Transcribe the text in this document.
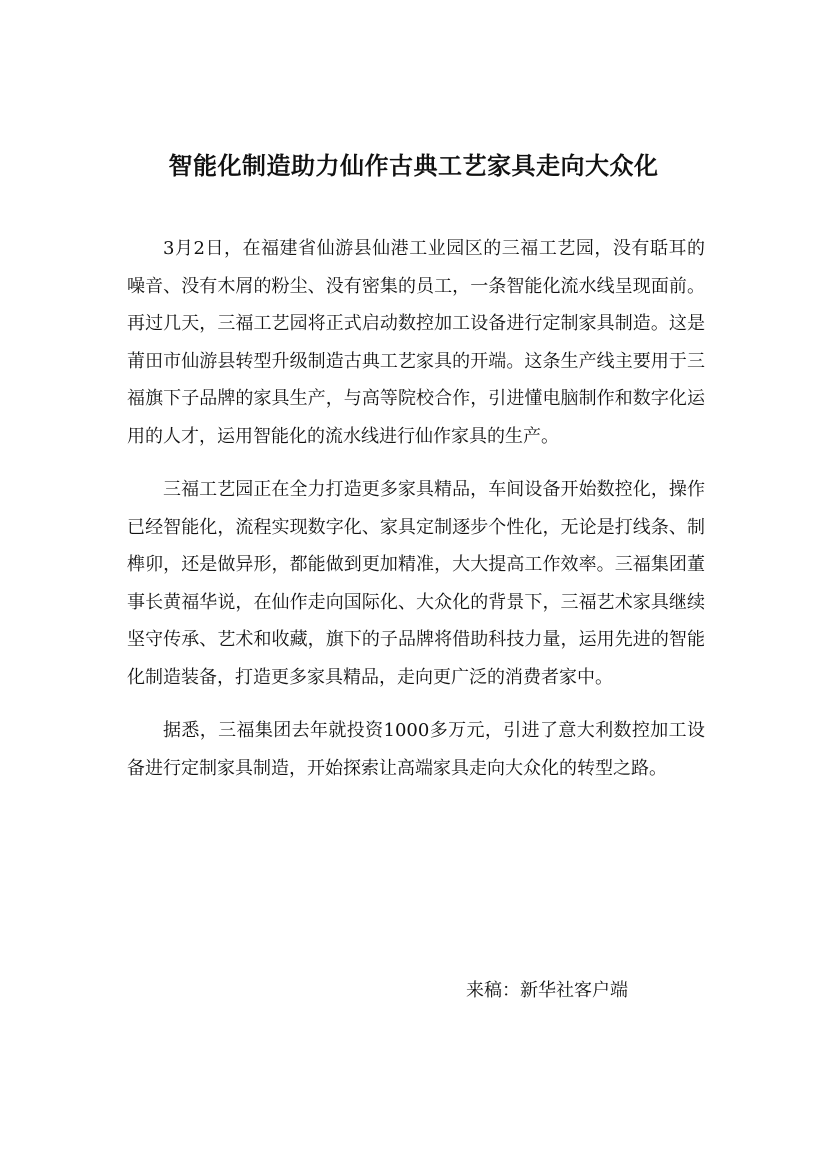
智能化制造助力仙作古典工艺家具走向大众化

3月2日，在福建省仙游县仙港工业园区的三福工艺园，没有聒耳的噪音、没有木屑的粉尘、没有密集的员工，一条智能化流水线呈现面前。再过几天，三福工艺园将正式启动数控加工设备进行定制家具制造。这是莆田市仙游县转型升级制造古典工艺家具的开端。这条生产线主要用于三福旗下子品牌的家具生产，与高等院校合作，引进懂电脑制作和数字化运用的人才，运用智能化的流水线进行仙作家具的生产。

三福工艺园正在全力打造更多家具精品，车间设备开始数控化，操作已经智能化，流程实现数字化、家具定制逐步个性化，无论是打线条、制榫卯，还是做异形，都能做到更加精准，大大提高工作效率。三福集团董事长黄福华说，在仙作走向国际化、大众化的背景下，三福艺术家具继续坚守传承、艺术和收藏，旗下的子品牌将借助科技力量，运用先进的智能化制造装备，打造更多家具精品，走向更广泛的消费者家中。

据悉，三福集团去年就投资1000多万元，引进了意大利数控加工设备进行定制家具制造，开始探索让高端家具走向大众化的转型之路。

来稿：新华社客户端
